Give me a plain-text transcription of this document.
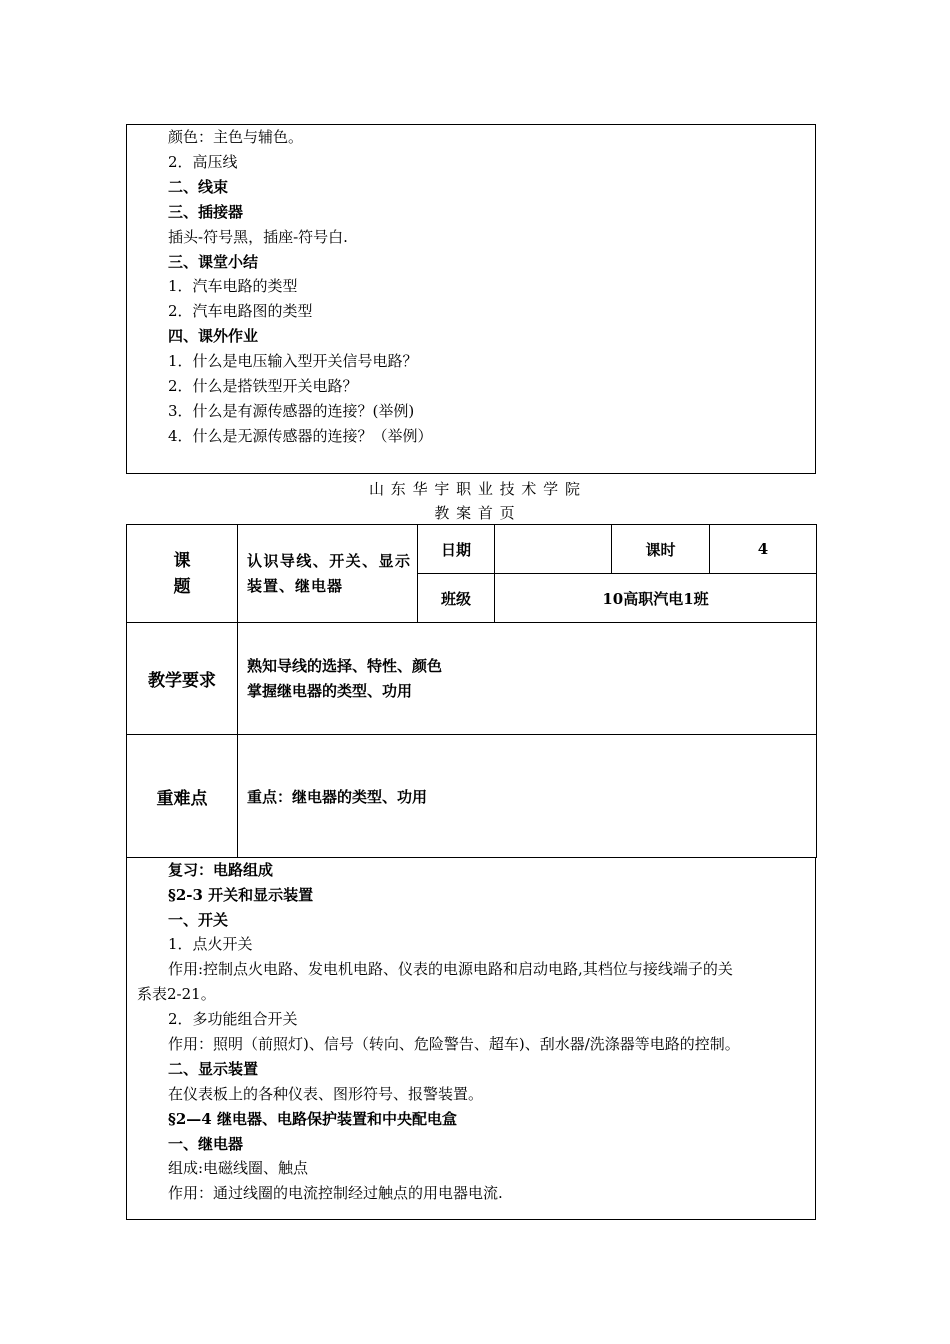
颜色：主色与辅色。
2．高压线
二、线束
三、插接器
插头-符号黑，插座-符号白.
三、课堂小结
1．汽车电路的类型
2．汽车电路图的类型
四、课外作业
1．什么是电压输入型开关信号电路？
2．什么是搭铁型开关电路？
3．什么是有源传感器的连接？(举例)
4．什么是无源传感器的连接？（举例）
山 东 华 宇 职 业 技 术 学 院
教 案 首 页
课
题	认识导线、开关、显示装置、继电器	日期		课时	4
		班级	10高职汽电1班		
教学要求	熟知导线的选择、特性、颜色
掌握继电器的类型、功用				

重难点	重点：继电器的类型、功用				
复习：电路组成
§2-3 开关和显示装置
一、开关
1．点火开关
作用:控制点火电路、发电机电路、仪表的电源电路和启动电路,其档位与接线端子的关
系表2-21。
2．多功能组合开关
作用：照明（前照灯)、信号（转向、危险警告、超车)、刮水器/洗涤器等电路的控制。
二、显示装置
在仪表板上的各种仪表、图形符号、报警装置。
§2—4 继电器、电路保护装置和中央配电盒
一、继电器
组成:电磁线圈、触点
作用：通过线圈的电流控制经过触点的用电器电流.
